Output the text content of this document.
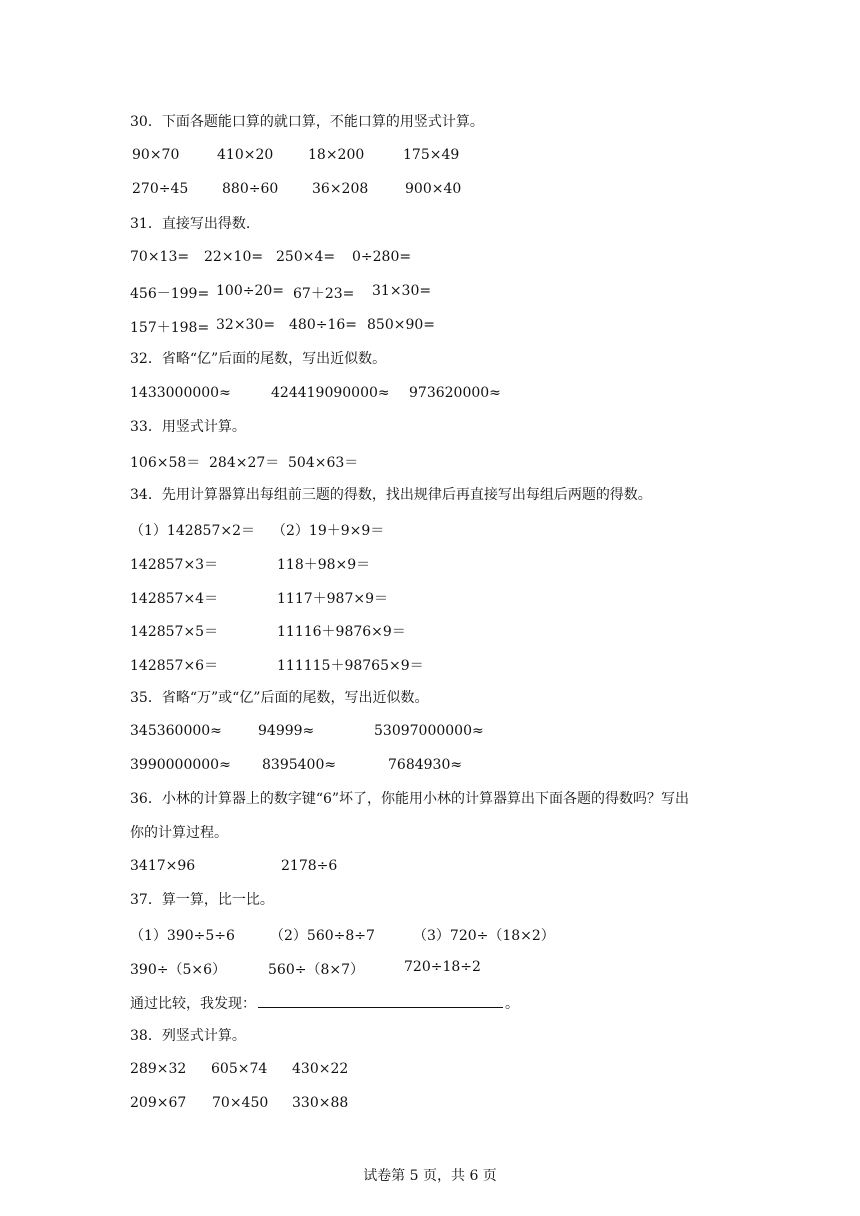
30．下面各题能口算的就口算，不能口算的用竖式计算。
90×70	410×20 18×200	175×49
270÷45 880÷60 36×208	900×40
31．直接写出得数.
70×13= 22×10= 250×4= 0÷280=
456－199= 100÷20= 67＋23= 31×30=
157＋198= 32×30= 480÷16= 850×90=
32．省略“亿”后面的尾数，写出近似数。
1433000000≈	424419090000≈ 973620000≈
33．用竖式计算。
106×58＝ 284×27＝ 504×63＝
34．先用计算器算出每组前三题的得数，找出规律后再直接写出每组后两题的得数。
（1）142857×2＝
142857×3＝
142857×4＝
142857×5＝
142857×6＝
（2）19＋9×9＝
118＋98×9＝
1117＋987×9＝
11116＋9876×9＝
111115＋98765×9＝
35．省略“万”或“亿”后面的尾数，写出近似数。
345360000≈	94999≈	53097000000≈
3990000000≈ 8395400≈	7684930≈
36．小林的计算器上的数字键“6”坏了，你能用小林的计算器算出下面各题的得数吗？写出
你的计算过程。
3417×96	2178÷6
37．算一算，比一比。
（1）390÷5÷6	（2）560÷8÷7	（3）720÷（18×2）
390÷（5×6）	560÷（8×7）	720÷18÷2
通过比较，我发现：	。
38．列竖式计算。
289×32 605×74 430×22
209×67 70×450 330×88
试卷第 5 页，共 6 页
